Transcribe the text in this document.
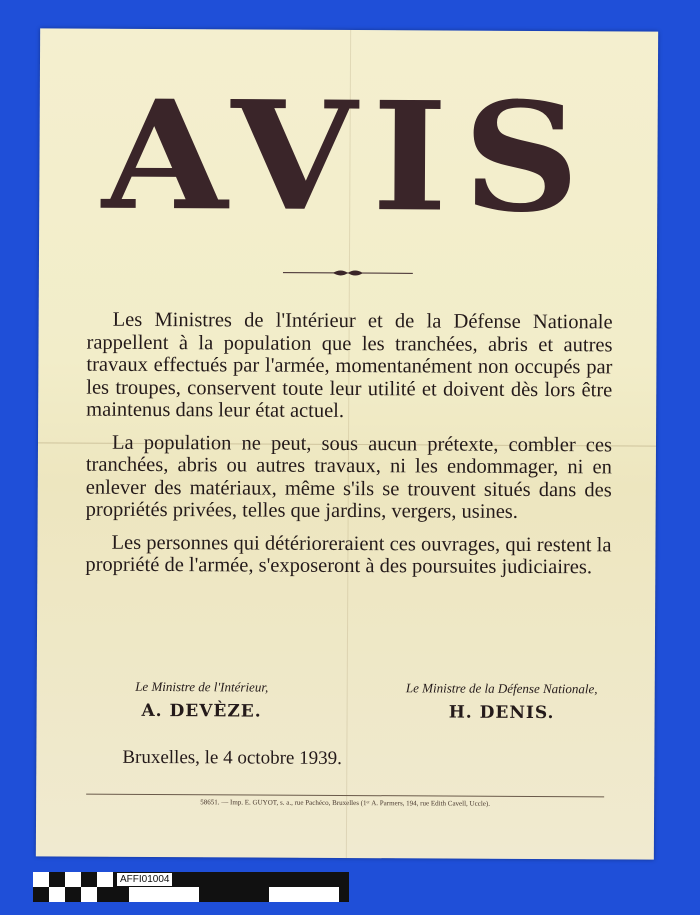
AVIS

Les Ministres de l'Intérieur et de la Défense Nationale rappellent à la population que les tranchées, abris et autres travaux effectués par l'armée, momentanément non occupés par les troupes, conservent toute leur utilité et doivent dès lors être maintenus dans leur état actuel.

La population ne peut, sous aucun prétexte, combler ces tranchées, abris ou autres travaux, ni les endommager, ni en enlever des matériaux, même s'ils se trouvent situés dans des propriétés privées, telles que jardins, vergers, usines.

Les personnes qui détérioreraient ces ouvrages, qui restent la propriété de l'armée, s'exposeront à des poursuites judiciaires.

Le Ministre de l'Intérieur,
A. DEVÈZE.
Le Ministre de la Défense Nationale,
H. DENIS.
Bruxelles, le 4 octobre 1939.
58651. — Imp. E. GUYOT, s. a., rue Pachéco, Bruxelles (1ᵉʳ A. Parmers, 194, rue Edith Cavell, Uccle).
AFFI01004
